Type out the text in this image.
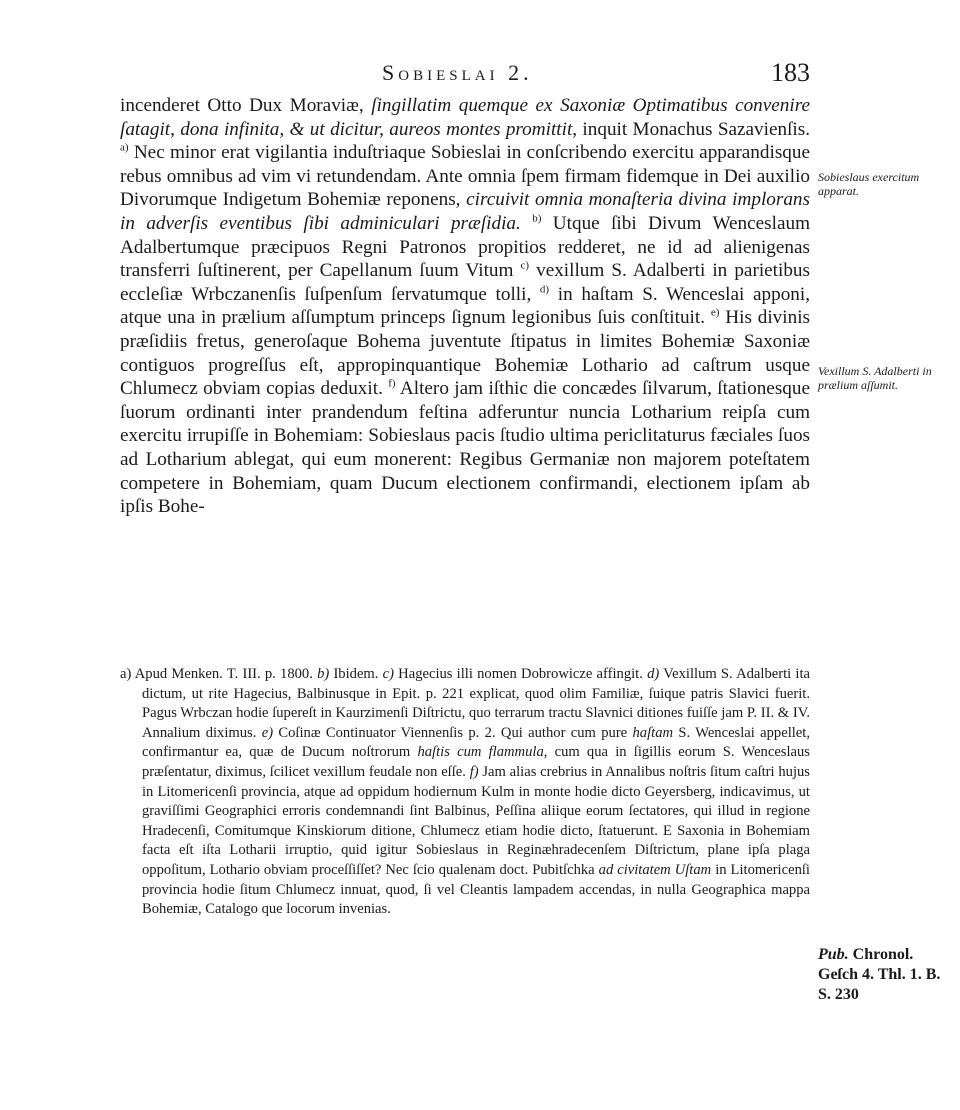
Sobieslai 2.	183

incenderet Otto Dux Moraviæ, ſingillatim quemque ex Saxoniæ Optimatibus convenire ſatagit, dona infinita, & ut dicitur, aureos montes promittit, inquit Monachus Sazavienſis. $^{a)}$ Nec minor erat vigilantia induſtriaque Sobieslai in conſcribendo exercitu apparandisque rebus omnibus ad vim vi retundendam. Ante omnia ſpem firmam fidemque in Dei auxilio Divorumque Indigetum Bohemiæ reponens, circuivit omnia monaſteria divina implorans in adverſis eventibus ſibi adminiculari præſidia. $^{b)}$ Utque ſibi Divum Wenceslaum Adalbertumque præcipuos Regni Patronos propitios redderet, ne id ad alienigenas transferri ſuſtinerent, per Capellanum ſuum Vitum $^{c)}$ vexillum S. Adalberti in parietibus eccleſiæ Wrbczanenſis ſuſpenſum ſervatumque tolli, $^{d)}$ in haſtam S. Wenceslai apponi, atque una in prælium aſſumptum princeps ſignum legionibus ſuis conſtituit. $^{e)}$ His divinis præſidiis fretus, generoſaque Bohema juventute ſtipatus in limites Bohemiæ Saxoniæ contiguos progreſſus eſt, appropinquantique Bohemiæ Lothario ad caſtrum usque Chlumecz obviam copias deduxit. $^{f)}$ Altero jam iſthic die concædes ſilvarum, ſtationesque ſuorum ordinanti inter prandendum feſtina adferuntur nuncia Lotharium reipſa cum exercitu irrupiſſe in Bohemiam: Sobieslaus pacis ſtudio ultima periclitaturus fæciales ſuos ad Lotharium ablegat, qui eum monerent: Regibus Germaniæ non majorem poteſtatem competere in Bohemiam, quam Ducum electionem confirmandi, electionem ipſam ab ipſis Bohe-

Sobieslaus exercitum apparat.
Vexillum S. Adalberti in prælium aſſumit.

a) Apud Menken. T. III. p. 1800. b) Ibidem. c) Hagecius illi nomen Dobrowicze affingit. d) Vexillum S. Adalberti ita dictum, ut rite Hagecius, Balbinusque in Epit. p. 221 explicat, quod olim Familiæ, ſuique patris Slavici fuerit. Pagus Wrbczan hodie ſupereſt in Kaurzimenſi Diſtrictu, quo terrarum tractu Slavnici ditiones fuiſſe jam P. II. & IV. Annalium diximus. e) Coſinæ Continuator Viennenſis p. 2. Qui author cum pure haſtam S. Wenceslai appellet, confirmantur ea, quæ de Ducum noſtrorum haſtis cum flammula, cum qua in ſigillis eorum S. Wenceslaus præſentatur, diximus, ſcilicet vexillum feudale non eſſe. f) Jam alias crebrius in Annalibus noſtris ſitum caſtri hujus in Litomericenſi provincia, atque ad oppidum hodiernum Kulm in monte hodie dicto Geyersberg, indicavimus, ut graviſſimi Geographici erroris condemnandi ſint Balbinus, Peſſina aliique eorum ſectatores, qui illud in regione Hradecenſi, Comitumque Kinskiorum ditione, Chlumecz etiam hodie dicto, ſtatuerunt. E Saxonia in Bohemiam facta eſt iſta Lotharii irruptio, quid igitur Sobieslaus in Reginæhradecenſem Diſtrictum, plane ipſa plaga oppoſitum, Lothario obviam proceſſiſſet? Nec ſcio qualenam doct. Pubitſchka ad civitatem Uſtam in Litomericenſi provincia hodie ſitum Chlumecz innuat, quod, ſi vel Cleantis lampadem accendas, in nulla Geographica mappa Bohemiæ, Catalogo que locorum invenias.

Pub. Chronol. Geſch 4. Thl. 1. B. S. 230
